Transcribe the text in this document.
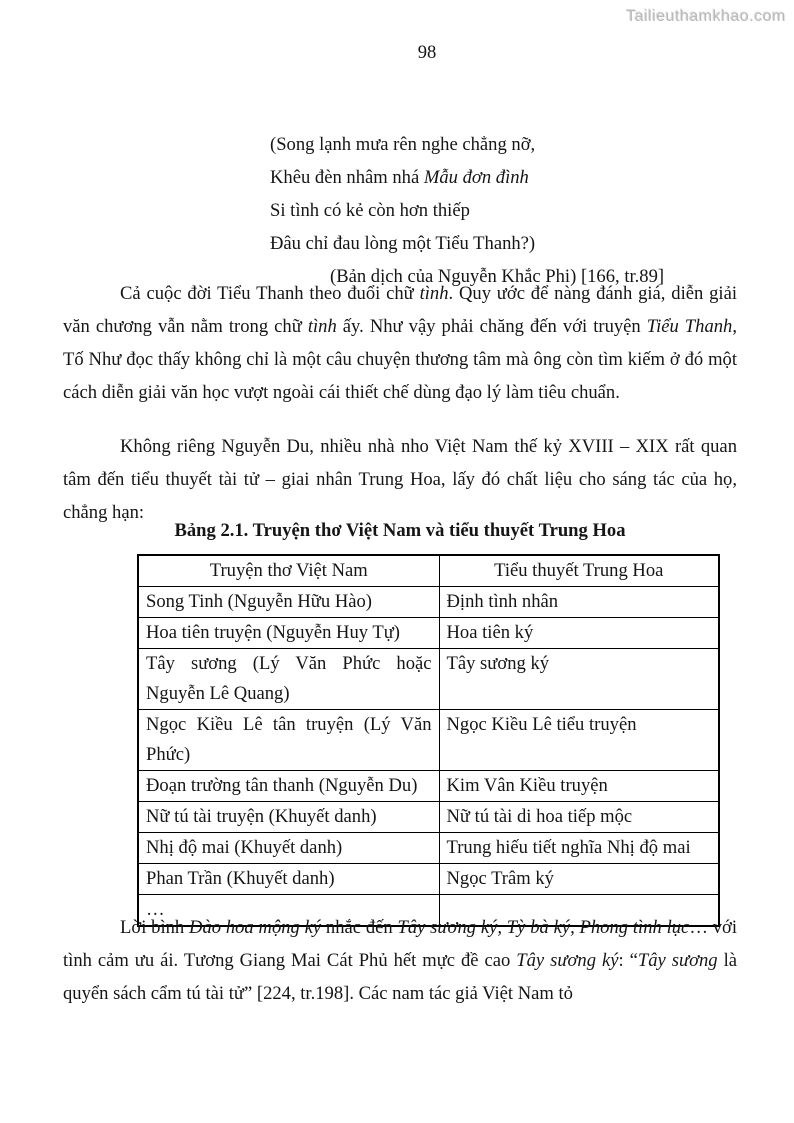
Tailieuthamkhao.com
98
(Song lạnh mưa rên nghe chẳng nỡ,
Khêu đèn nhâm nhá Mẫu đơn đình
Si tình có kẻ còn hơn thiếp
Đâu chỉ đau lòng một Tiểu Thanh?)
(Bản dịch của Nguyễn Khắc Phi) [166, tr.89]

Cả cuộc đời Tiểu Thanh theo đuổi chữ tình. Quy ước để nàng đánh giá, diễn giải văn chương vẫn nằm trong chữ tình ấy. Như vậy phải chăng đến với truyện Tiểu Thanh, Tố Như đọc thấy không chỉ là một câu chuyện thương tâm mà ông còn tìm kiếm ở đó một cách diễn giải văn học vượt ngoài cái thiết chế dùng đạo lý làm tiêu chuẩn.

Không riêng Nguyễn Du, nhiều nhà nho Việt Nam thế kỷ XVIII – XIX rất quan tâm đến tiểu thuyết tài tử – giai nhân Trung Hoa, lấy đó chất liệu cho sáng tác của họ, chẳng hạn:

Bảng 2.1. Truyện thơ Việt Nam và tiểu thuyết Trung Hoa
Truyện thơ Việt Nam	Tiểu thuyết Trung Hoa
Song Tinh (Nguyễn Hữu Hào)	Định tình nhân
Hoa tiên truyện (Nguyễn Huy Tự)	Hoa tiên ký
Tây sương (Lý Văn Phức hoặc Nguyễn Lê Quang)	Tây sương ký
Ngọc Kiều Lê tân truyện (Lý Văn Phức)	Ngọc Kiều Lê tiểu truyện
Đoạn trường tân thanh (Nguyễn Du)	Kim Vân Kiều truyện
Nữ tú tài truyện (Khuyết danh)	Nữ tú tài di hoa tiếp mộc
Nhị độ mai (Khuyết danh)	Trung hiếu tiết nghĩa Nhị độ mai
Phan Trần (Khuyết danh)	Ngọc Trâm ký
…	

Lời bình Đào hoa mộng ký nhắc đến Tây sương ký, Tỳ bà ký, Phong tình lục… với tình cảm ưu ái. Tương Giang Mai Cát Phủ hết mực đề cao Tây sương ký: “Tây sương là quyển sách cẩm tú tài tử” [224, tr.198]. Các nam tác giả Việt Nam tỏ
